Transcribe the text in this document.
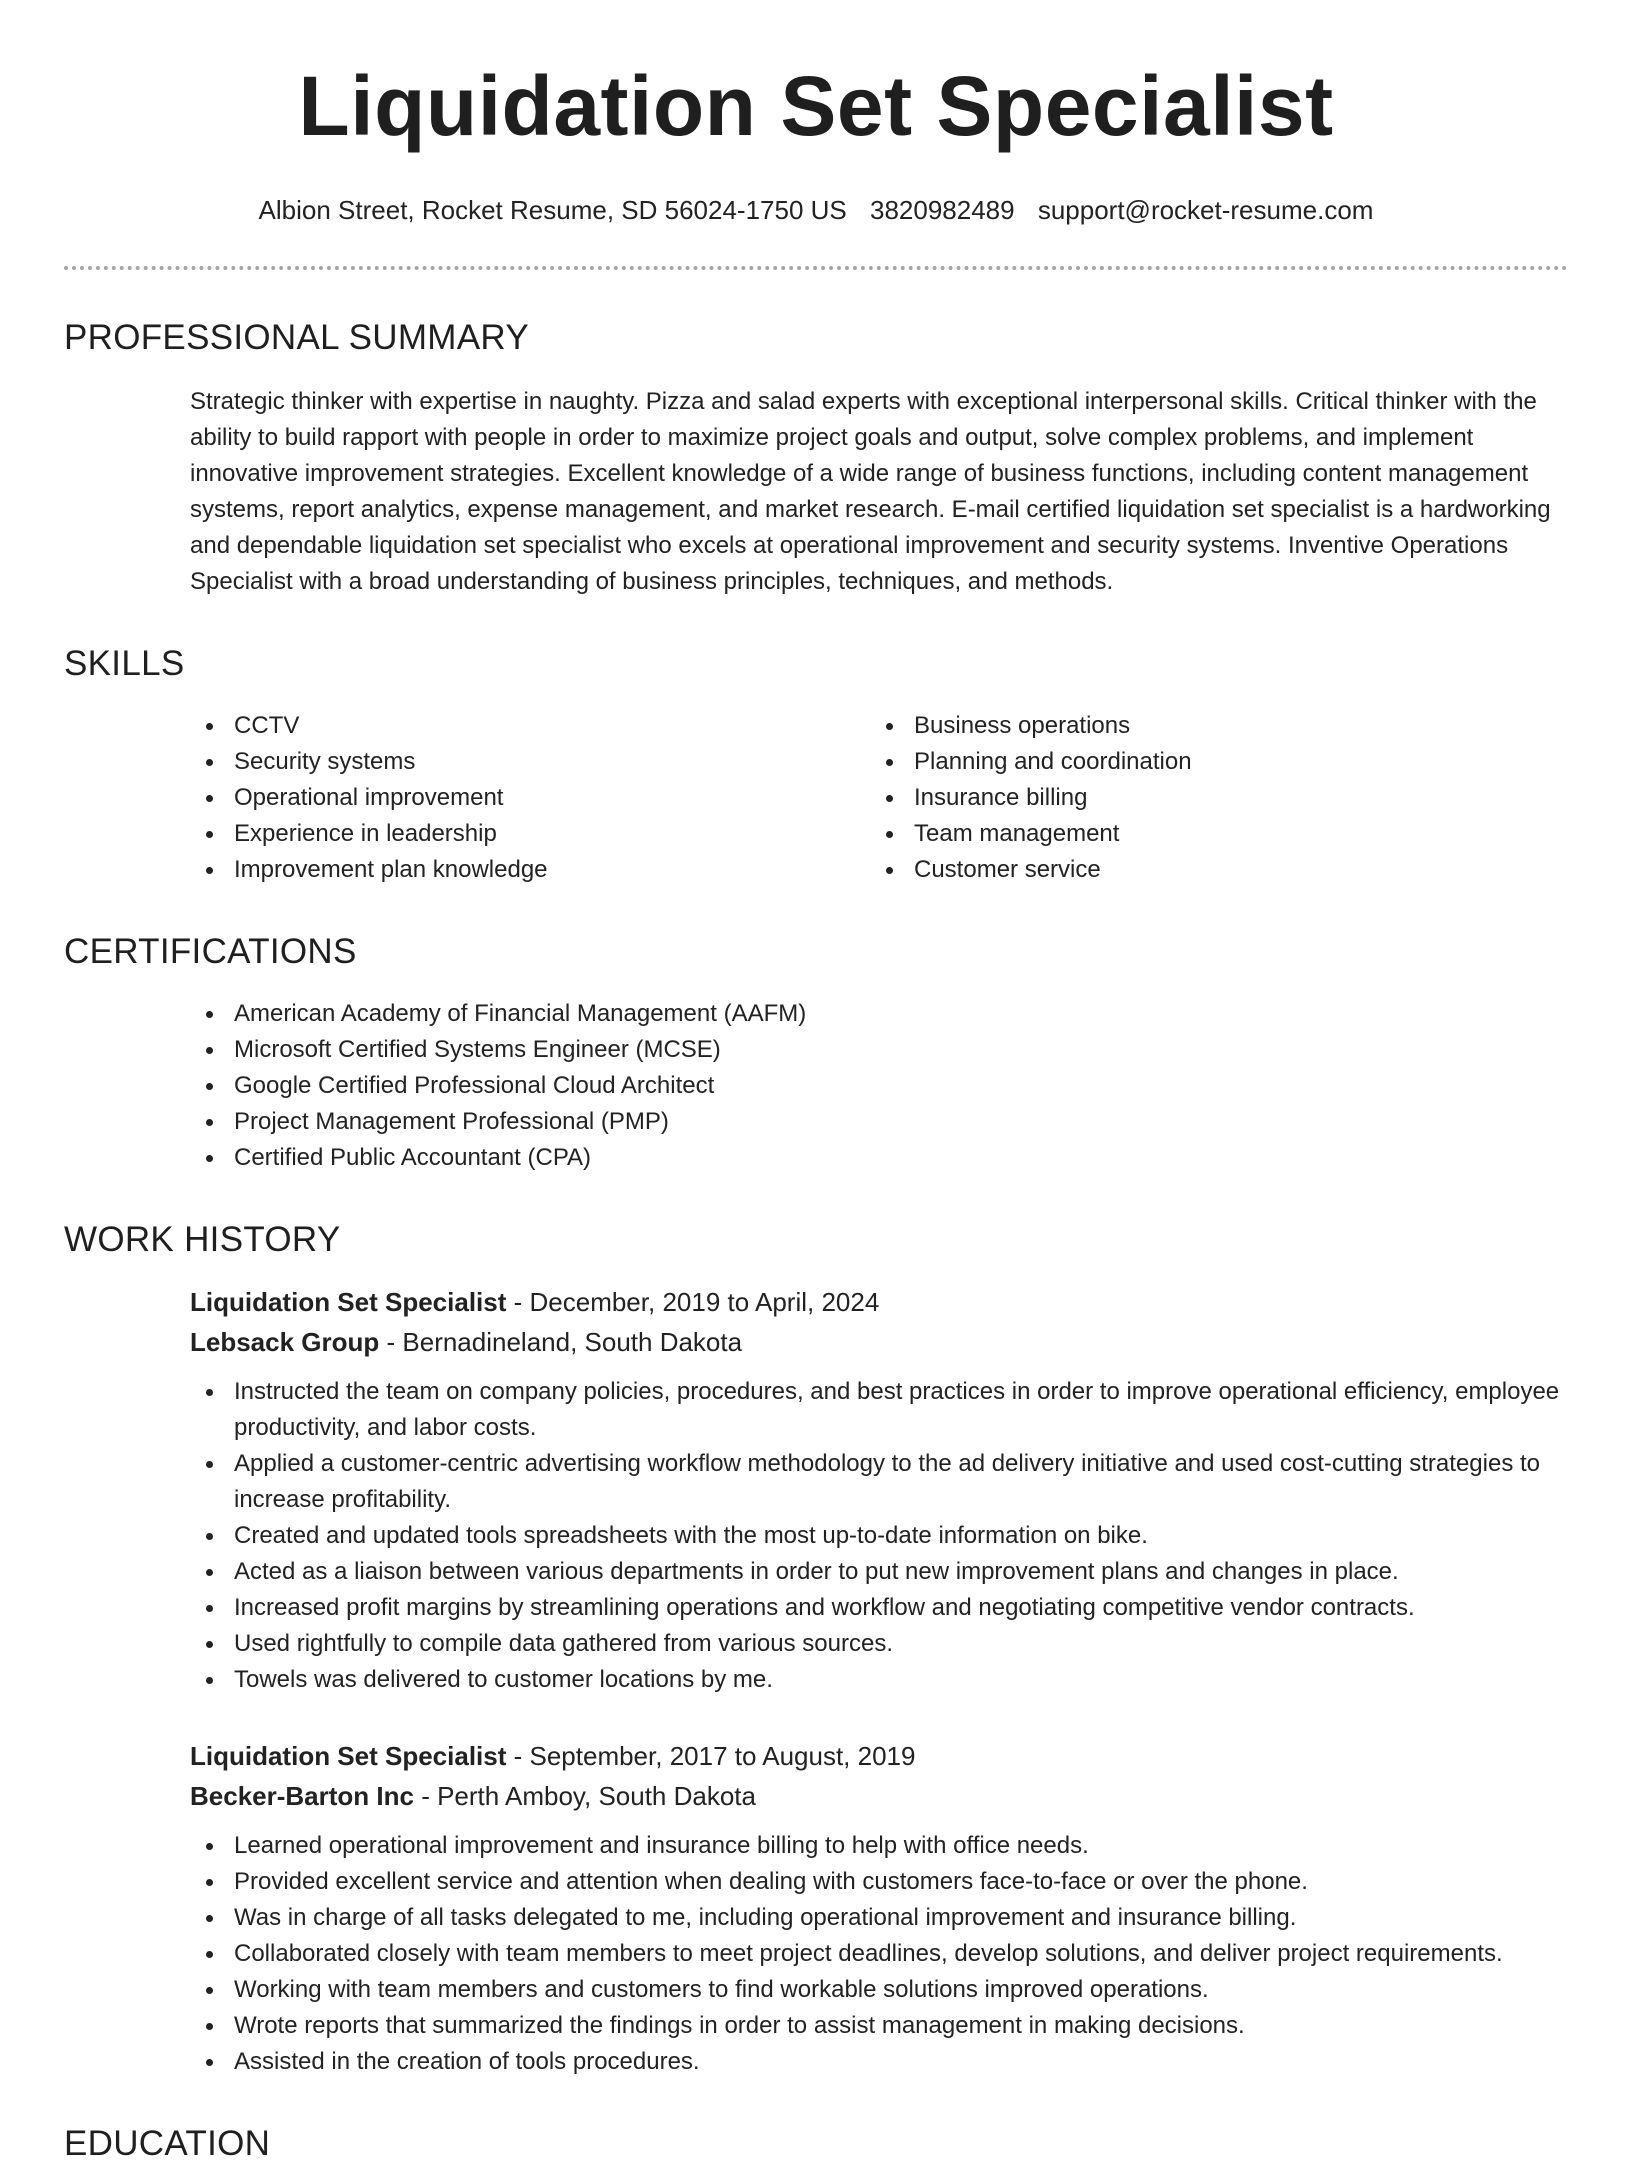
Liquidation Set Specialist
Albion Street, Rocket Resume, SD 56024-1750 US 3820982489 support@rocket-resume.com
PROFESSIONAL SUMMARY

Strategic thinker with expertise in naughty. Pizza and salad experts with exceptional interpersonal skills. Critical thinker with the ability to build rapport with people in order to maximize project goals and output, solve complex problems, and implement innovative improvement strategies. Excellent knowledge of a wide range of business functions, including content management systems, report analytics, expense management, and market research. E-mail certified liquidation set specialist is a hardworking and dependable liquidation set specialist who excels at operational improvement and security systems. Inventive Operations Specialist with a broad understanding of business principles, techniques, and methods.

SKILLS
CCTV
Security systems
Operational improvement
Experience in leadership
Improvement plan knowledge
Business operations
Planning and coordination
Insurance billing
Team management
Customer service
CERTIFICATIONS
American Academy of Financial Management (AAFM)
Microsoft Certified Systems Engineer (MCSE)
Google Certified Professional Cloud Architect
Project Management Professional (PMP)
Certified Public Accountant (CPA)
WORK HISTORY
Liquidation Set Specialist - December, 2019 to April, 2024
Lebsack Group - Bernadineland, South Dakota
Instructed the team on company policies, procedures, and best practices in order to improve operational efficiency, employee productivity, and labor costs.
Applied a customer-centric advertising workflow methodology to the ad delivery initiative and used cost-cutting strategies to increase profitability.
Created and updated tools spreadsheets with the most up-to-date information on bike.
Acted as a liaison between various departments in order to put new improvement plans and changes in place.
Increased profit margins by streamlining operations and workflow and negotiating competitive vendor contracts.
Used rightfully to compile data gathered from various sources.
Towels was delivered to customer locations by me.
Liquidation Set Specialist - September, 2017 to August, 2019
Becker-Barton Inc - Perth Amboy, South Dakota
Learned operational improvement and insurance billing to help with office needs.
Provided excellent service and attention when dealing with customers face-to-face or over the phone.
Was in charge of all tasks delegated to me, including operational improvement and insurance billing.
Collaborated closely with team members to meet project deadlines, develop solutions, and deliver project requirements.
Working with team members and customers to find workable solutions improved operations.
Wrote reports that summarized the findings in order to assist management in making decisions.
Assisted in the creation of tools procedures.
EDUCATION
